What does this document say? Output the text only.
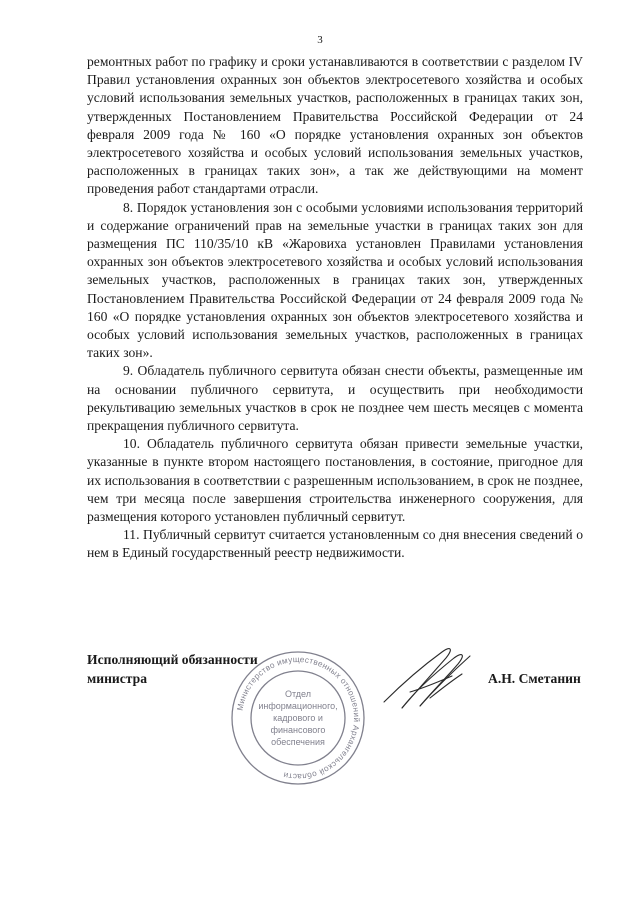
3

ремонтных работ по графику и сроки устанавливаются в соответствии с разделом IV Правил установления охранных зон объектов электросетевого хозяйства и особых условий использования земельных участков, расположенных в границах таких зон, утвержденных Постановлением Правительства Российской Федерации от 24 февраля 2009 года № 160 «О порядке установления охранных зон объектов электросетевого хозяйства и особых условий использования земельных участков, расположенных в границах таких зон», а так же действующими на момент проведения работ стандартами отрасли.

8. Порядок установления зон с особыми условиями использования территорий и содержание ограничений прав на земельные участки в границах таких зон для размещения ПС 110/35/10 кВ «Жаровиха установлен Правилами установления охранных зон объектов электросетевого хозяйства и особых условий использования земельных участков, расположенных в границах таких зон, утвержденных Постановлением Правительства Российской Федерации от 24 февраля 2009 года № 160 «О порядке установления охранных зон объектов электросетевого хозяйства и особых условий использования земельных участков, расположенных в границах таких зон».

9. Обладатель публичного сервитута обязан снести объекты, размещенные им на основании публичного сервитута, и осуществить при необходимости рекультивацию земельных участков в срок не позднее чем шесть месяцев с момента прекращения публичного сервитута.

10. Обладатель публичного сервитута обязан привести земельные участки, указанные в пункте втором настоящего постановления, в состояние, пригодное для их использования в соответствии с разрешенным использованием, в срок не позднее, чем три месяца после завершения строительства инженерного сооружения, для размещения которого установлен публичный сервитут.

11. Публичный сервитут считается установленным со дня внесения сведений о нем в Единый государственный реестр недвижимости.

Исполняющий обязанности
министра	А.Н. Сметанин
Министерство имущественных отношений Архангельской области
Отдел
информационного,
кадрового и
финансового
обеспечения
